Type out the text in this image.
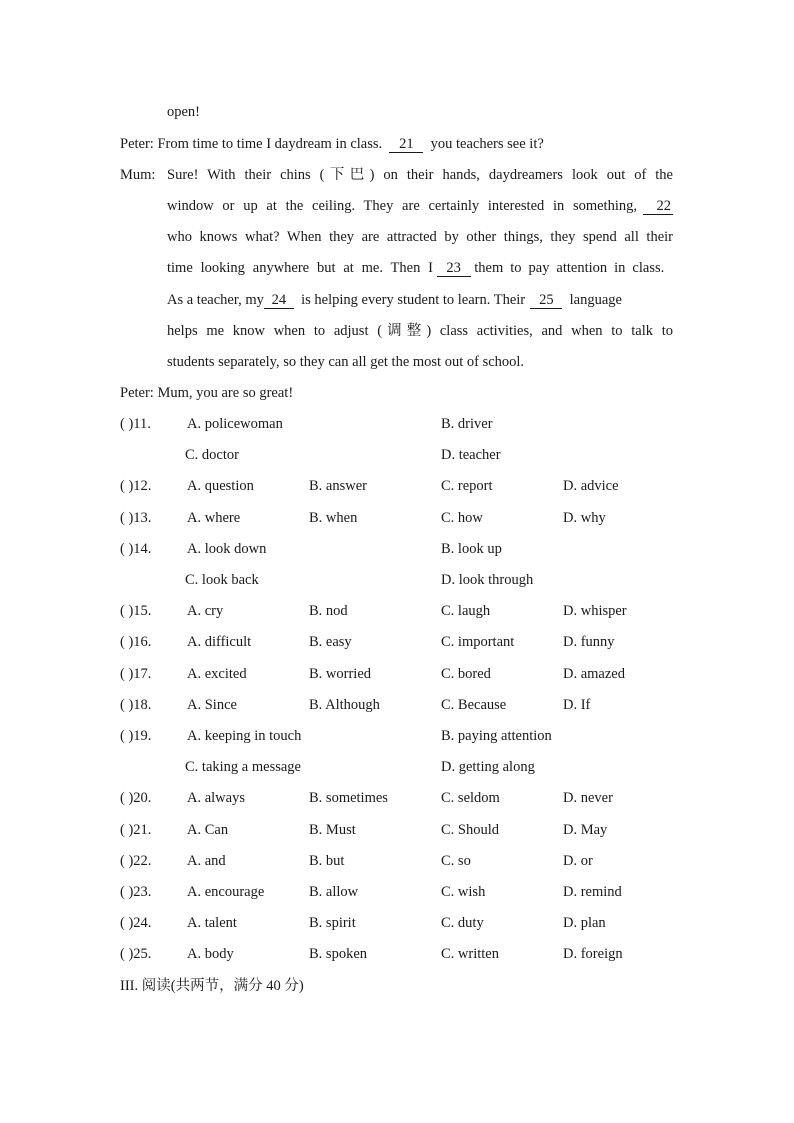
open!
Peter: From time to time I daydream in class. 21 you teachers see it?
Mum: Sure! With their chins (下巴) on their hands, daydreamers look out of the
window or up at the ceiling. They are certainly interested in something, 22
who knows what? When they are attracted by other things, they spend all their
time looking anywhere but at me. Then I 23 them to pay attention in class.
As a teacher, my 24 is helping every student to learn. Their 25 language
helps me know when to adjust (调整) class activities, and when to talk to
students separately, so they can all get the most out of school.
Peter: Mum, you are so great!
( )11. A. policewoman	B. driver
C. doctor	D. teacher
( )12. A. question	B. answer	C. report	D. advice
( )13. A. where	B. when	C. how	D. why
( )14. A. look down	B. look up
C. look back	D. look through
( )15. A. cry	B. nod	C. laugh	D. whisper
( )16. A. difficult	B. easy	C. important	D. funny
( )17. A. excited	B. worried	C. bored	D. amazed
( )18. A. Since	B. Although	C. Because	D. If
( )19. A. keeping in touch	B. paying attention
C. taking a message	D. getting along
( )20. A. always	B. sometimes	C. seldom	D. never
( )21. A. Can	B. Must	C. Should	D. May
( )22. A. and	B. but	C. so	D. or
( )23. A. encourage	B. allow	C. wish	D. remind
( )24. A. talent	B. spirit	C. duty	D. plan
( )25. A. body	B. spoken	C. written	D. foreign
III. 阅读(共两节，满分 40 分)
